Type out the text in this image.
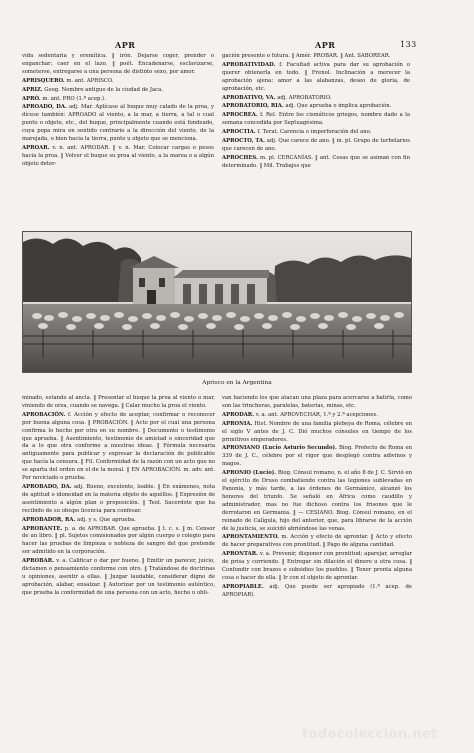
APR	APR	133

vida sedentaria y eremítica. ‖ irón. Dejarse coger, prender o enganchar; caer en el lazo. ‖ poét. Encadenarse, esclavizarse, someterse, entregarse a una persona de distinto sexo, por amor.

APRISQUERO. m. ant. APRISCO.

APRIZ. Geog. Nombre antiguo de la ciudad de Jaca.

APRÓ. m. ant. PRO (1.ª acep.).

APROADO, DA. adj. Mar. Aplícase al buque muy calado de la proa, y dícese también: APROADO al viento, a la mar, a tierra, a tal o cual punto u objeto, etc., del buque, principalmente cuando está fondeado, cuya popa mira en sentido contrario a la dirección del viento, de la marejada, o bien hacia la tierra, punto u objeto que se menciona.

APROAR. v. n. ant. APRODAR. ‖ v. n. Mar. Colocar cargas o pesos hacia la proa. ‖ Volver el buque su proa al viento, a la marea o a algún objeto deter-

gación presente o futura. ‖ Amér. PROBAR. ‖ Ant. SABOREAR.

APROBATIVIDAD. f. Facultad activa para dar su aprobación o querer obtenerla en todo. ‖ Frenol. Inclinación a merecer la aprobación ajena; amor a las alabanzas, deseo de gloria, de aprobación, etc.

APROBATIVO, VA. adj. APROBATORIO.

APROBATORIO, RIA. adj. Que aprueba o implica aprobación.

APROCREA. f. Rel. Entre los cismáticos griegos, nombre dado a la semana concedida por Septuagésima.

APROCTIA. f. Terat. Carencia o imperforación del ano.

APROCTO, TA. adj. Que carece de ano. ‖ m. pl. Grupo de turbelarios que carecen de ano.

APROCHES. m. pl. CERCANÍAS. ‖ ant. Cosas que se asiman con fin determinado. ‖ Mil. Trabajos que

Aprisco en la Argentina

minado, estando al ancla. ‖ Presentar el buque la proa al viento o mar, viniendo de orza, cuando se navega. ‖ Calar mucho la proa el viento.

APROBACIÓN. f. Acción y efecto de aceptar, confirmar o reconocer por buena alguna cosa. ‖ PROBACIÓN. ‖ Acto por el cual una persona confirma lo hecho por otra en su nombre. ‖ Documento o testimonio que aprueba. ‖ Asentimiento, testimonio de amistad o sinceridad que da a lo que otra conforme a nuestras ideas. ‖ Fórmula necesaria antiguamente para publicar y expresar la declaración de publicable que hacía la censura. ‖ Fil. Conformidad de la razón con un acto que no se aparta del orden en el de la moral. ‖ EN APROBACIÓN. m. adv. ant. Por noviciado o prueba.

APROBADO, DA. adj. Bueno, excelente, loable. ‖ En exámenes, nota de aptitud o idoneidad en la materia objeto de aquéllos. ‖ Expresión de asentimiento a algún plan o proposición. ‖ Teol. Sacerdote que ha recibido de su obispo licencia para confesar.

APROBADOR, RA. adj. y s. Que aprueba.

APROBANTE. p. a. de APROBAR. Que aprueba. ‖ t. c. s. ‖ m. Censor de un libro. ‖ pl. Sujetos comisionados por algún cuerpo o colegio para hacer las pruebas de limpieza o nobleza de sangre del que pretende ser admitido en la corporación.

APROBAR. v. a. Calificar o dar por bueno. ‖ Emitir un parecer, juicio, dictamen o pensamiento conforme con otro. ‖ Tratándose de doctrinas u opiniones, asentir a ellas. ‖ Juzgar laudable, considerar digno de aprobación, alabar, ensalzar. ‖ Autorizar por un testimonio auténtico, que prueba la conformidad de una persona con un acto, hecho u obli-

van haciendo los que atacan una plaza para acercarse a batirla, como son las trincheras, paralelas, baterías, minas, etc.

APRODAR. v. a. ant. APROVECHAR, 1.ª y 2.ª acepciones.

APRONIA. Hist. Nombre de una familia plebeya de Roma, célebre en el siglo V antes de J. C. Dió muchos cónsules en tiempo de los primitivos emperadores.

APRONIANO (Lucio Asturio Secundo). Biog. Prefecto de Roma en 339 de J. C., célebre por el rigor que desplegó contra adivinos y magos.

APRONIO (Lucio). Biog. Cónsul romano, n. el año 8 de J. C. Sirvió en el ejército de Druso combatiendo contra las legiones sublevadas en Panonia, y más tarde, a las órdenes de Germánico, alcanzó los honores del triunfo. Se señaló en África como caudillo y administrador, mas no fue dichoso contra los frisones que le derrotaron en Germania. ‖ — CESIANO. Biog. Cónsul romano, en el reinado de Calígula, hijo del anterior, que, para librarse de la acción de la justicia, se suicidó abriéndose las venas.

APRONTAMIENTO. m. Acción y efecto de aprontar. ‖ Acto y efecto de hacer preparativos con prontitud. ‖ Pago de alguna cantidad.

APRONTAR. v. a. Prevenir, disponer con prontitud; aparejar, arreglar de prisa y corriendo. ‖ Entregar sin dilación el dinero u otra cosa. ‖ Confundir con brazos o subsidios los pueblos. ‖ Tener pronta alguna cosa o hacer de ella. ‖ Ir con el objeto de aprontar.

APROPIABLE. adj. Que puede ser apropiado (1.ª acep. de APROPIAR).

todocoleccion.net
